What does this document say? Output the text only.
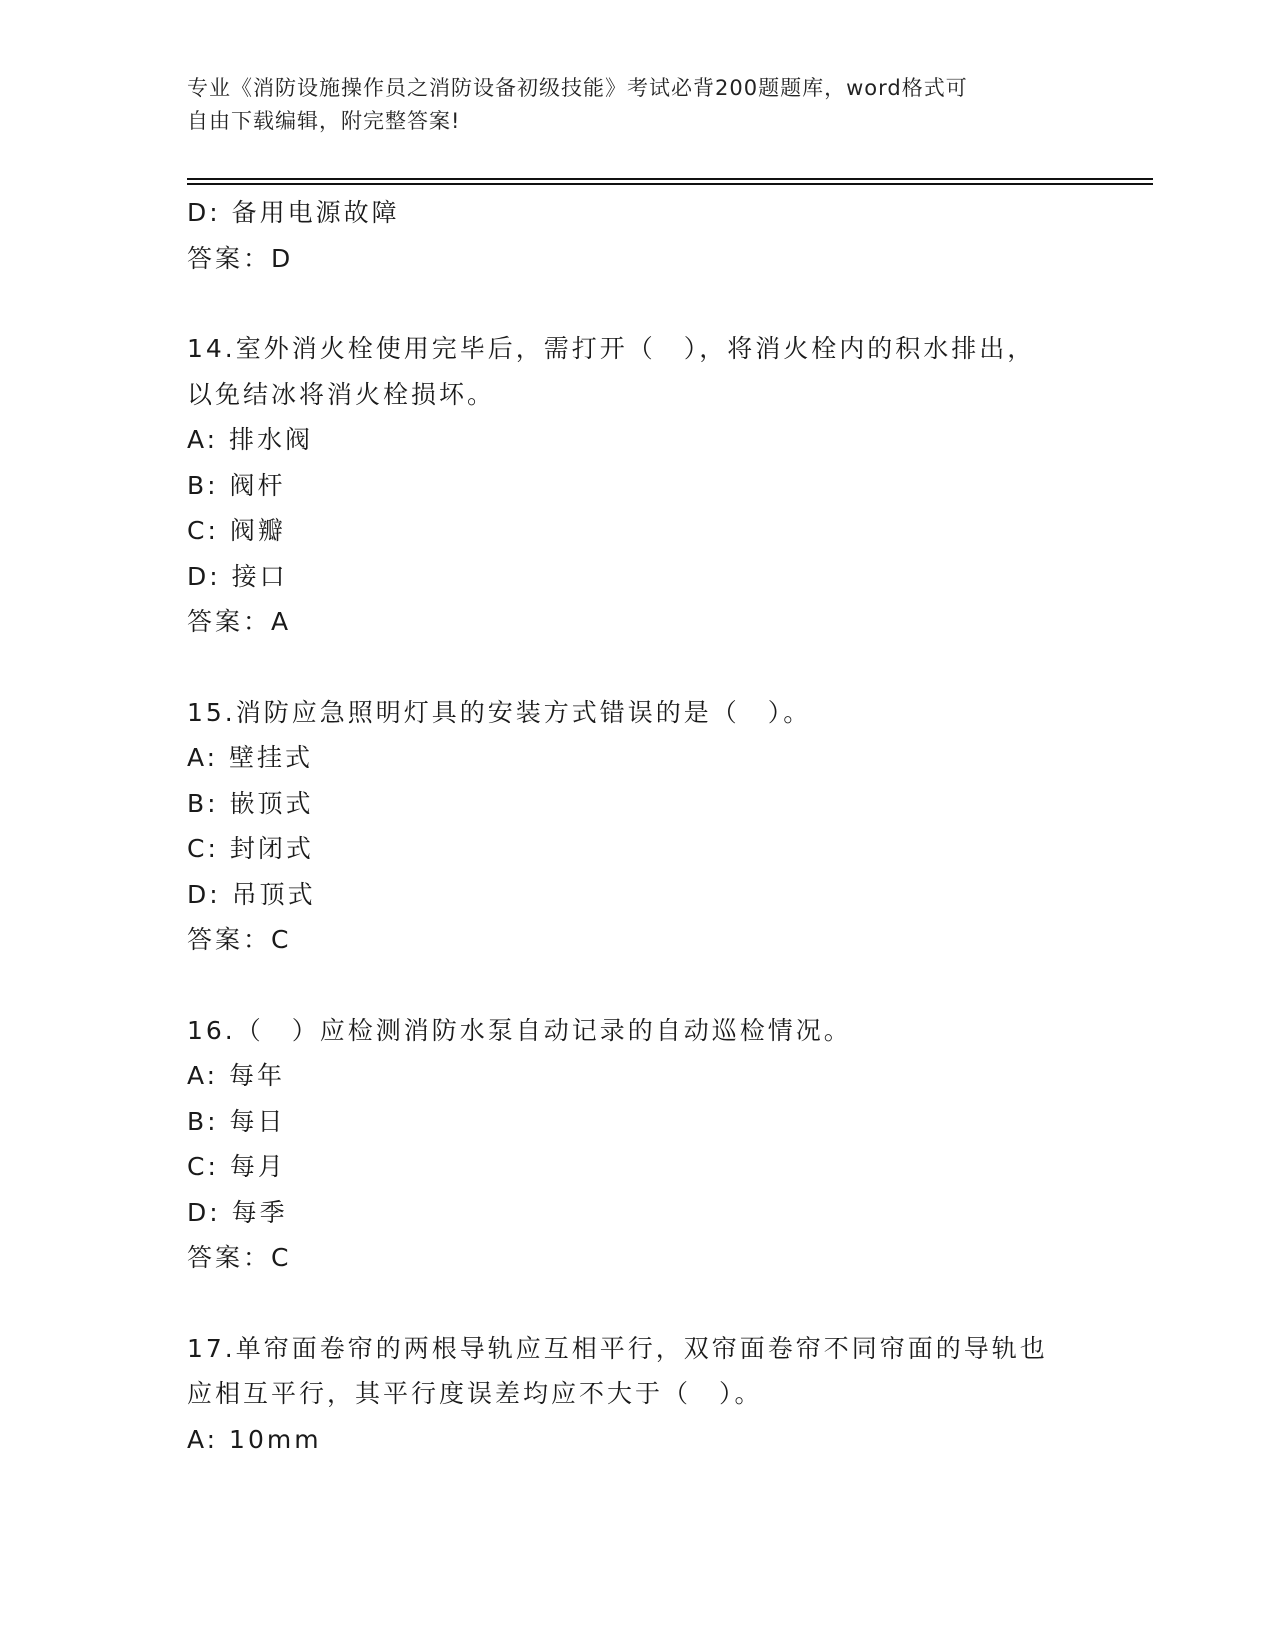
专业《消防设施操作员之消防设备初级技能》考试必背200题题库，word格式可
自由下载编辑，附完整答案!
D: 备用电源故障
答案：D
14.室外消火栓使用完毕后，需打开（　），将消火栓内的积水排出，
以免结冰将消火栓损坏。
A: 排水阀
B: 阀杆
C: 阀瓣
D: 接口
答案：A
15.消防应急照明灯具的安装方式错误的是（　）。
A: 壁挂式
B: 嵌顶式
C: 封闭式
D: 吊顶式
答案：C
16.（　）应检测消防水泵自动记录的自动巡检情况。
A: 每年
B: 每日
C: 每月
D: 每季
答案：C
17.单帘面卷帘的两根导轨应互相平行，双帘面卷帘不同帘面的导轨也
应相互平行，其平行度误差均应不大于（　）。
A: 10mm
